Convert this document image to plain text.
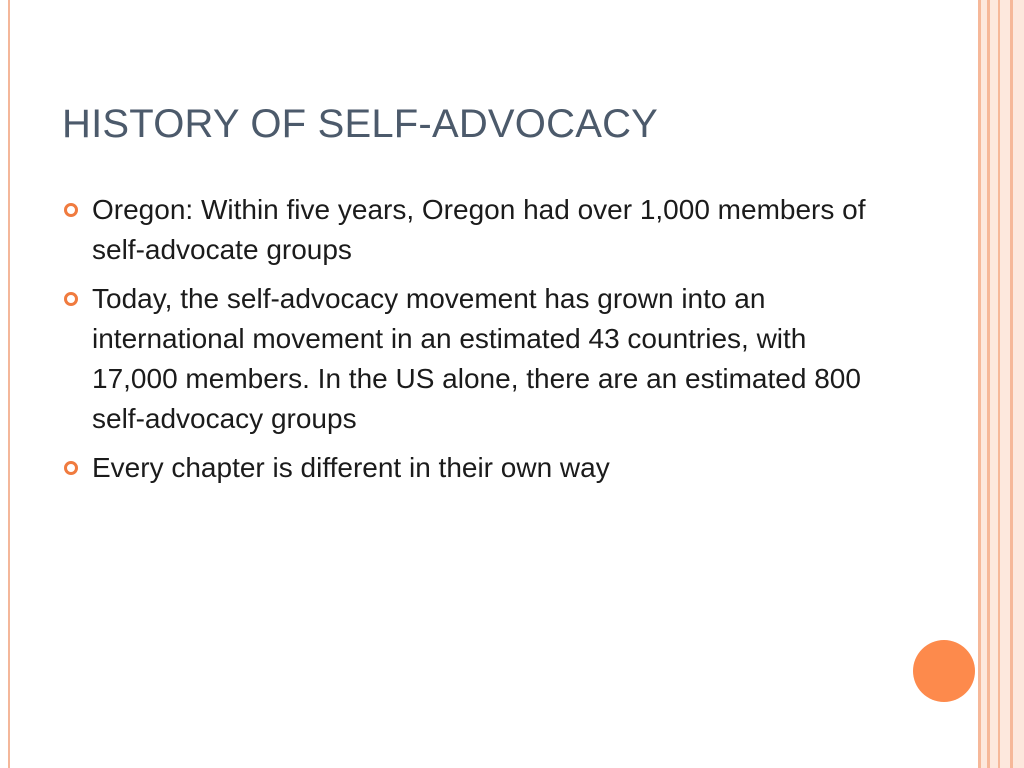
HISTORY OF SELF-ADVOCACY
Oregon: Within five years, Oregon had over 1,000 members of self-advocate groups
Today, the self-advocacy movement has grown into an international movement in an estimated 43 countries, with 17,000 members. In the US alone, there are an estimated 800 self-advocacy groups
Every chapter is different in their own way
